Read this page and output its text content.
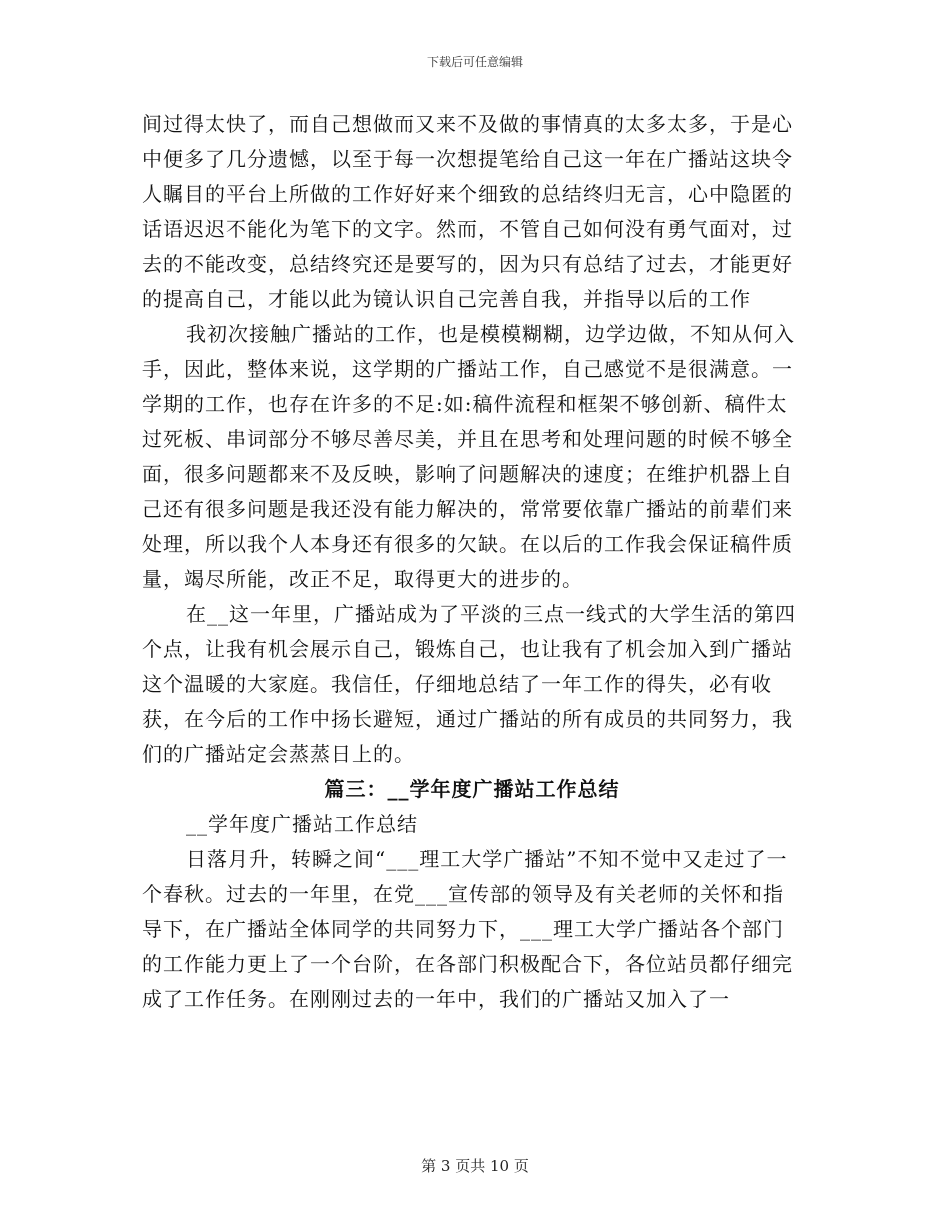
下载后可任意编辑

间过得太快了，而自己想做而又来不及做的事情真的太多太多，于是心中便多了几分遗憾，以至于每一次想提笔给自己这一年在广播站这块令人瞩目的平台上所做的工作好好来个细致的总结终归无言，心中隐匿的话语迟迟不能化为笔下的文字。然而，不管自己如何没有勇气面对，过去的不能改变，总结终究还是要写的，因为只有总结了过去，才能更好的提高自己，才能以此为镜认识自己完善自我，并指导以后的工作

我初次接触广播站的工作，也是模模糊糊，边学边做，不知从何入手，因此，整体来说，这学期的广播站工作，自己感觉不是很满意。一学期的工作，也存在许多的不足:如:稿件流程和框架不够创新、稿件太过死板、串词部分不够尽善尽美，并且在思考和处理问题的时候不够全面，很多问题都来不及反映，影响了问题解决的速度；在维护机器上自己还有很多问题是我还没有能力解决的，常常要依靠广播站的前辈们来处理，所以我个人本身还有很多的欠缺。在以后的工作我会保证稿件质量，竭尽所能，改正不足，取得更大的进步的。

在__这一年里，广播站成为了平淡的三点一线式的大学生活的第四个点，让我有机会展示自己，锻炼自己，也让我有了机会加入到广播站这个温暖的大家庭。我信任，仔细地总结了一年工作的得失，必有收获，在今后的工作中扬长避短，通过广播站的所有成员的共同努力，我们的广播站定会蒸蒸日上的。

篇三：__学年度广播站工作总结

__学年度广播站工作总结

日落月升，转瞬之间“___理工大学广播站”不知不觉中又走过了一个春秋。过去的一年里，在党___宣传部的领导及有关老师的关怀和指导下，在广播站全体同学的共同努力下，___理工大学广播站各个部门的工作能力更上了一个台阶，在各部门积极配合下，各位站员都仔细完成了工作任务。在刚刚过去的一年中，我们的广播站又加入了一

第 3 页共 10 页
